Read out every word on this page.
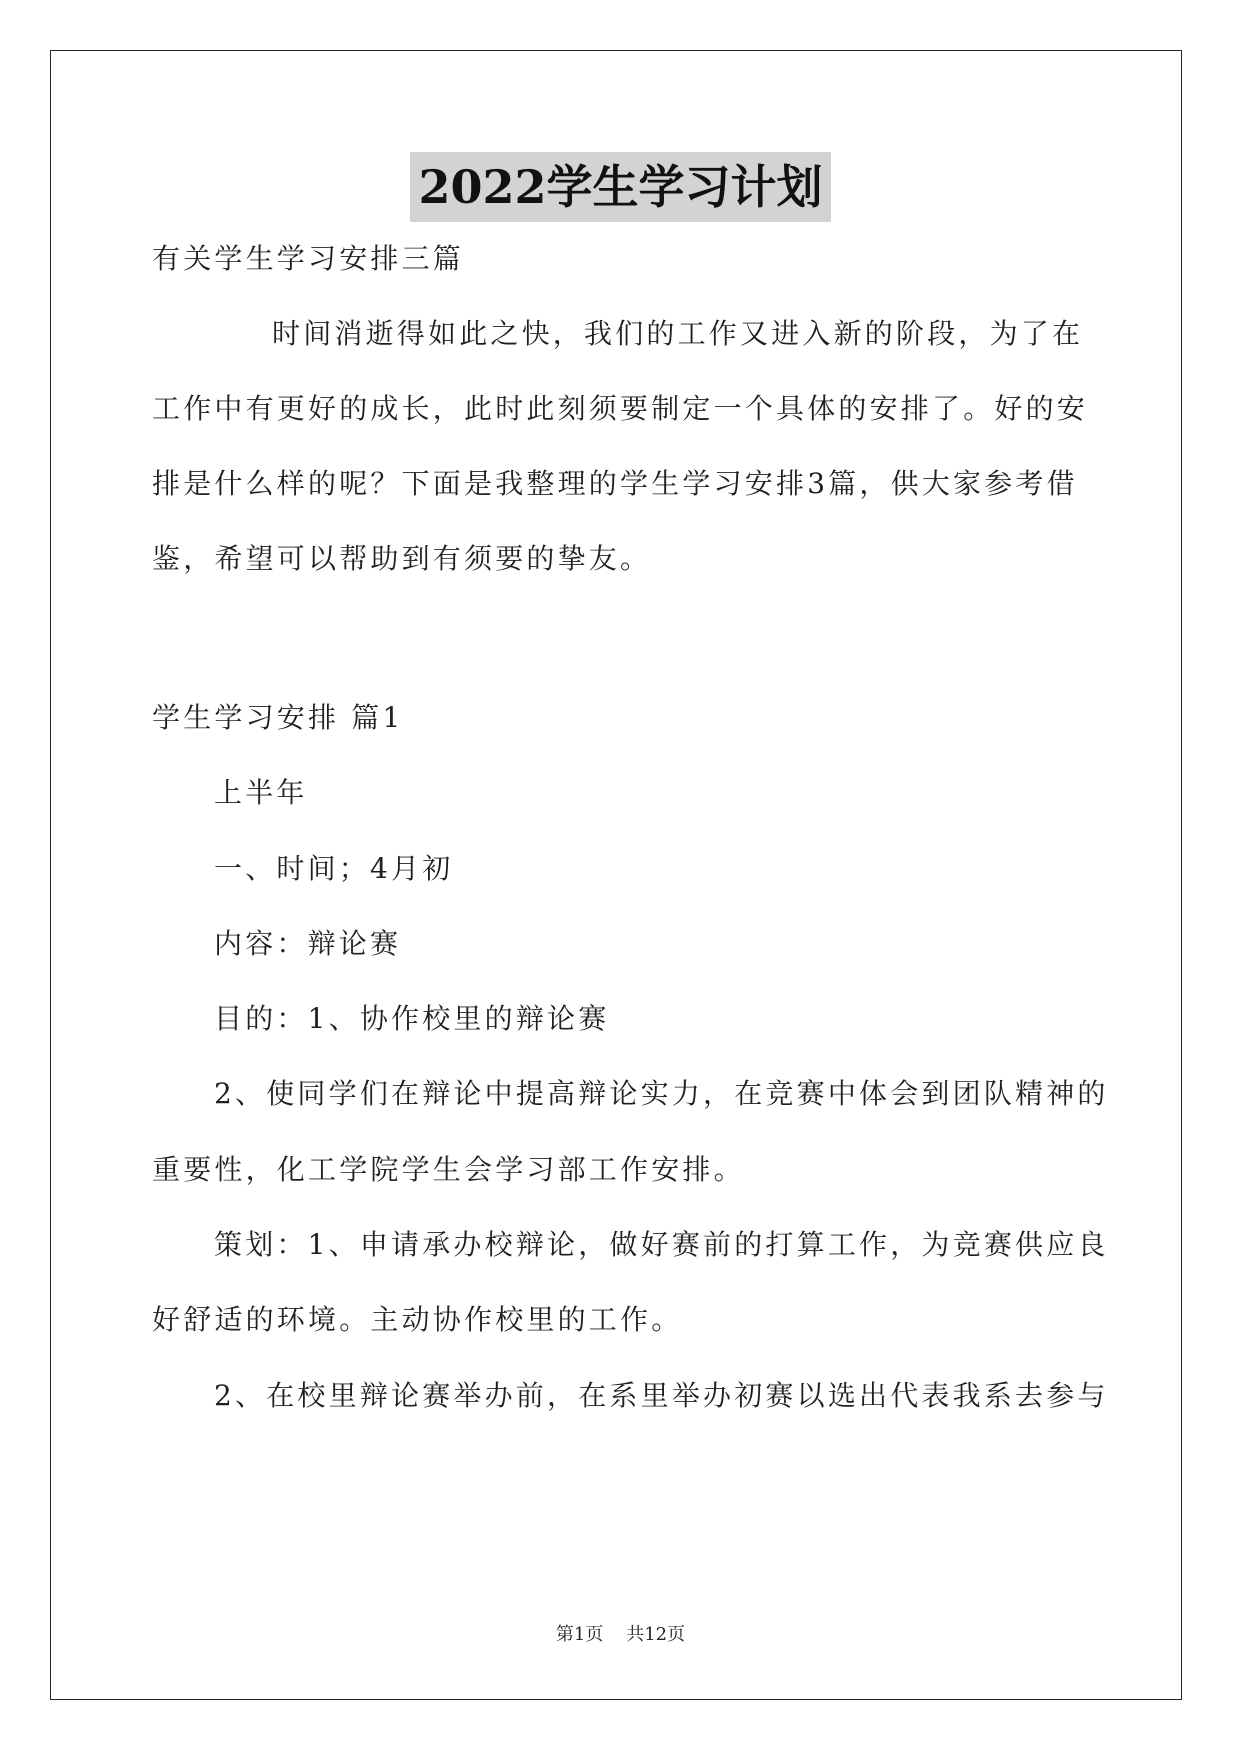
2022学生学习计划
有关学生学习安排三篇
时间消逝得如此之快，我们的工作又进入新的阶段，为了在
工作中有更好的成长，此时此刻须要制定一个具体的安排了。好的安
排是什么样的呢？下面是我整理的学生学习安排3篇，供大家参考借
鉴，希望可以帮助到有须要的挚友。
学生学习安排 篇1
上半年
一、时间；4月初
内容：辩论赛
目的：1、协作校里的辩论赛
2、使同学们在辩论中提高辩论实力，在竞赛中体会到团队精神的
重要性，化工学院学生会学习部工作安排。
策划：1、申请承办校辩论，做好赛前的打算工作，为竞赛供应良
好舒适的环境。主动协作校里的工作。
2、在校里辩论赛举办前，在系里举办初赛以选出代表我系去参与
第1页    共12页
